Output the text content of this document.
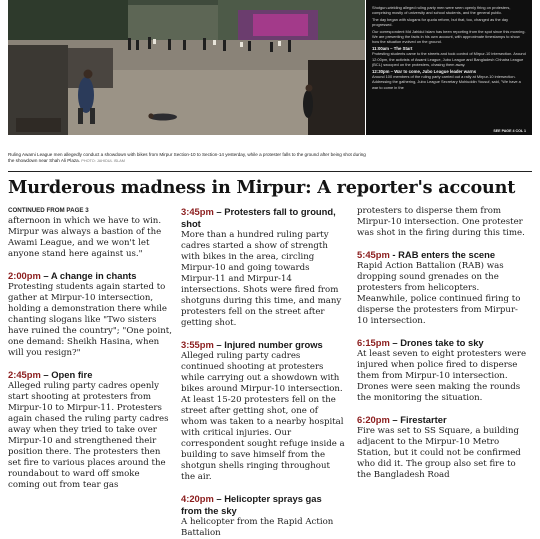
Shotgun-wielding alleged ruling party men were seen openly firing on protesters, comprising mostly of university and school students, and the general public.

The day began with slogans for quota reform, but that, too, changed as the day progressed.

Our correspondent Md Jahidul Islam has been reporting from the spot since this morning. We are presenting the facts in his own account, with approximate timestamps to show how the situation evolved on the ground.

11:00am – The Start

Protesting students came to the streets and took control of Mirpur-10 intersection. Around 12:00pm, the activists of Awami League, Jubo League and Bangladesh Chhatra League (BCL) swooped on the protesters, chasing them away.

12:30pm – War to come, Jubo League leader warns

Around 100 members of the ruling party carried out a rally at Mirpur-10 intersection. Addressing the gathering, Jubo League Secretary Mohiuddin Yousuf, said, "We have a war to come in the

SEE PAGE 4 COL 1
Ruling Awami League men allegedly conduct a showdown with bikes from Mirpur Section-10 to Section-14 yesterday, while a protester falls to the ground after being shot during the showdown near Shah Ali Plaza. PHOTO: JAHIDUL ISLAM
Murderous madness in Mirpur: A reporter's account

CONTINUED FROM PAGE 3

afternoon in which we have to win. Mirpur was always a bastion of the Awami League, and we won't let anyone stand here against us."

2:00pm – A change in chants

Protesting students again started to gather at Mirpur-10 intersection, holding a demonstration there while chanting slogans like "Two sisters have ruined the country"; "One point, one demand: Sheikh Hasina, when will you resign?"

2:45pm – Open fire

Alleged ruling party cadres openly start shooting at protesters from Mirpur-10 to Mirpur-11. Protesters again chased the ruling party cadres away when they tried to take over Mirpur-10 and strengthened their position there. The protesters then set fire to various places around the roundabout to ward off smoke coming out from tear gas

3:45pm – Protesters fall to ground, shot

More than a hundred ruling party cadres started a show of strength with bikes in the area, circling Mirpur-10 and going towards Mirpur-11 and Mirpur-14 intersections. Shots were fired from shotguns during this time, and many protesters fell on the street after getting shot.

3:55pm – Injured number grows

Alleged ruling party cadres continued shooting at protesters while carrying out a showdown with bikes around Mirpur-10 intersection. At least 15-20 protesters fell on the street after getting shot, one of whom was taken to a nearby hospital with critical injuries. Our correspondent sought refuge inside a building to save himself from the shotgun shells ringing throughout the air.

4:20pm – Helicopter sprays gas from the sky

A helicopter from the Rapid Action Battalion

protesters to disperse them from Mirpur-10 intersection. One protester was shot in the firing during this time.

5:45pm - RAB enters the scene

Rapid Action Battalion (RAB) was dropping sound grenades on the protesters from helicopters. Meanwhile, police continued firing to disperse the protesters from Mirpur-10 intersection.

6:15pm – Drones take to sky

At least seven to eight protesters were injured when police fired to disperse them from Mirpur-10 intersection. Drones were seen making the rounds the monitoring the situation.

6:20pm – Firestarter

Fire was set to SS Square, a building adjacent to the Mirpur-10 Metro Station, but it could not be confirmed who did it. The group also set fire to the Bangladesh Road
